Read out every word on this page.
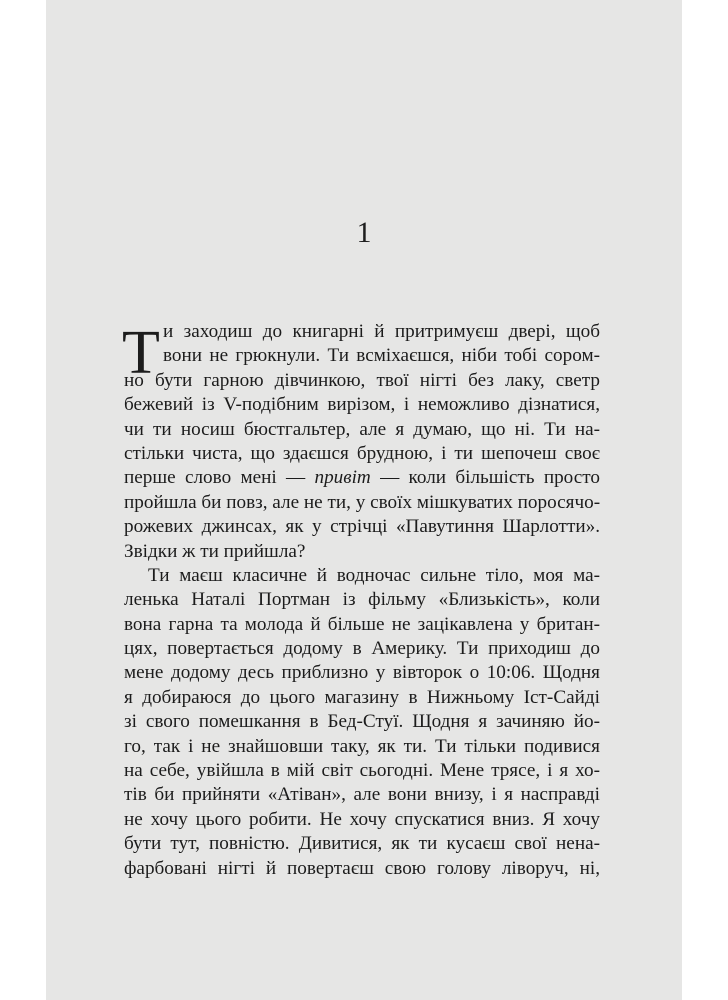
1
Т и заходиш до книгарні й притримуєш двері, щоб
вони не грюкнули. Ти всміхаєшся, ніби тобі сором-
но бути гарною дівчинкою, твої нігті без лаку, светр
бежевий із V-подібним вирізом, і неможливо дізнатися,
чи ти носиш бюстгальтер, але я думаю, що ні. Ти на-
стільки чиста, що здаєшся брудною, і ти шепочеш своє
перше слово мені — привіт — коли більшість просто
пройшла би повз, але не ти, у своїх мішкуватих поросячо-
рожевих джинсах, як у стрічці «Павутиння Шарлотти».
Звідки ж ти прийшла?
Ти маєш класичне й водночас сильне тіло, моя ма-
ленька Наталі Портман із фільму «Близькість», коли
вона гарна та молода й більше не зацікавлена у британ-
цях, повертається додому в Америку. Ти приходиш до
мене додому десь приблизно у вівторок о 10:06. Щодня
я добираюся до цього магазину в Нижньому Іст-Сайді
зі свого помешкання в Бед-Стуї. Щодня я зачиняю йо-
го, так і не знайшовши таку, як ти. Ти тільки подивися
на себе, увійшла в мій світ сьогодні. Мене трясе, і я хо-
тів би прийняти «Атіван», але вони внизу, і я насправді
не хочу цього робити. Не хочу спускатися вниз. Я хочу
бути тут, повністю. Дивитися, як ти кусаєш свої нена-
фарбовані нігті й повертаєш свою голову ліворуч, ні,
